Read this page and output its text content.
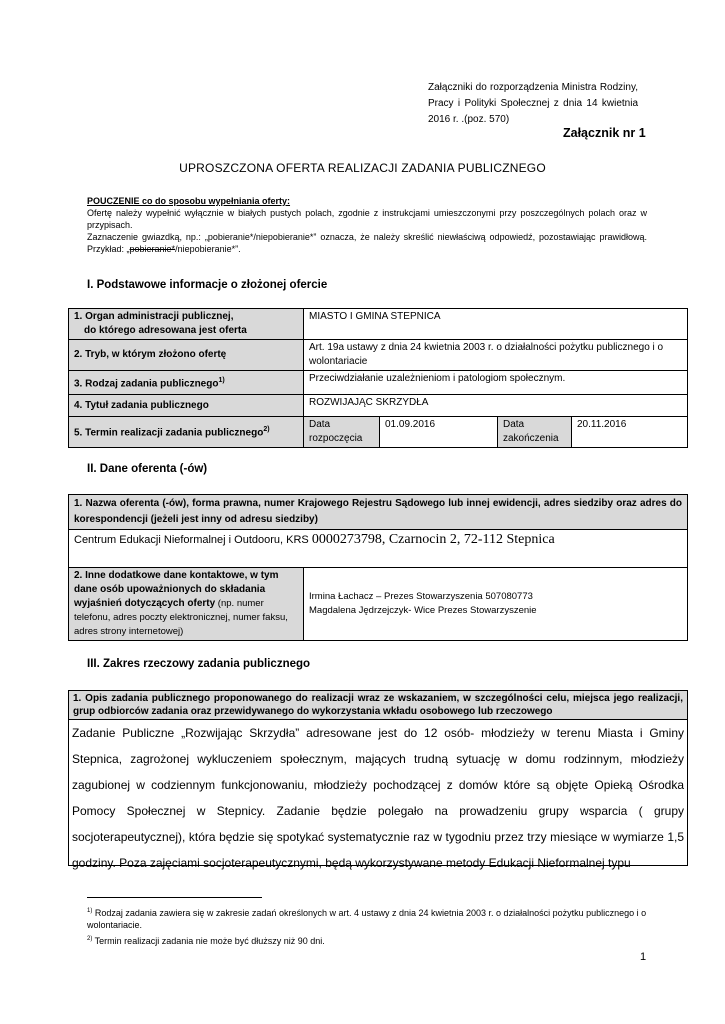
Załączniki do rozporządzenia Ministra Rodziny, Pracy i Polityki Społecznej z dnia 14 kwietnia 2016 r. .(poz. 570)
Załącznik nr 1
UPROSZCZONA OFERTA REALIZACJI ZADANIA PUBLICZNEGO
POUCZENIE co do sposobu wypełniania oferty:

Ofertę należy wypełnić wyłącznie w białych pustych polach, zgodnie z instrukcjami umieszczonymi przy poszczególnych polach oraz w przypisach.

Zaznaczenie gwiazdką, np.: „pobieranie*/niepobieranie*” oznacza, że należy skreślić niewłaściwą odpowiedź, pozostawiając prawidłową. Przykład: „pobieranie*/niepobieranie*”.

I. Podstawowe informacje o złożonej ofercie
1. Organ administracji publicznej,
do którego adresowana jest oferta	MIASTO I GMINA STEPNICA			
2. Tryb, w którym złożono ofertę	Art. 19a ustawy z dnia 24 kwietnia 2003 r. o działalności pożytku publicznego i o wolontariacie			
3. Rodzaj zadania publicznego$^{1)}$	Przeciwdziałanie uzależnieniom i patologiom społecznym.			
4. Tytuł zadania publicznego	ROZWIJAJĄC SKRZYDŁA			
5. Termin realizacji zadania publicznego$^{2)}$	Data rozpoczęcia	01.09.2016	Data zakończenia	20.11.2016
II. Dane oferenta (-ów)
1. Nazwa oferenta (-ów), forma prawna, numer Krajowego Rejestru Sądowego lub innej ewidencji, adres siedziby oraz adres do korespondencji (jeżeli jest inny od adresu siedziby)
Centrum Edukacji Nieformalnej i Outdooru, KRS 0000273798, Czarnocin 2, 72-112 Stepnica
2. Inne dodatkowe dane kontaktowe, w tym dane osób upoważnionych do składania wyjaśnień dotyczących oferty (np. numer telefonu, adres poczty elektronicznej, numer faksu, adres strony internetowej)	
Irmina Łachacz – Prezes Stowarzyszenia 507080773
Magdalena Jędrzejczyk- Wice Prezes Stowarzyszenie
III. Zakres rzeczowy zadania publicznego
1. Opis zadania publicznego proponowanego do realizacji wraz ze wskazaniem, w szczególności celu, miejsca jego realizacji, grup odbiorców zadania oraz przewidywanego do wykorzystania wkładu osobowego lub rzeczowego
Zadanie Publiczne „Rozwijając Skrzydła” adresowane jest do 12 osób- młodzieży w terenu Miasta i Gminy Stepnica, zagrożonej wykluczeniem społecznym, mających trudną sytuację w domu rodzinnym, młodzieży zagubionej w codziennym funkcjonowaniu, młodzieży pochodzącej z domów które są objęte Opieką Ośrodka Pomocy Społecznej w Stepnicy. Zadanie będzie polegało na prowadzeniu grupy wsparcia ( grupy socjoterapeutycznej), która będzie się spotykać systematycznie raz w tygodniu przez trzy miesiące w wymiarze 1,5 godziny. Poza zajęciami socjoterapeutycznymi, będą wykorzystywane metody Edukacji Nieformalnej typu
$^{1)}$ Rodzaj zadania zawiera się w zakresie zadań określonych w art. 4 ustawy z dnia 24 kwietnia 2003 r. o działalności pożytku publicznego i o wolontariacie.
$^{2)}$ Termin realizacji zadania nie może być dłuższy niż 90 dni.
1
